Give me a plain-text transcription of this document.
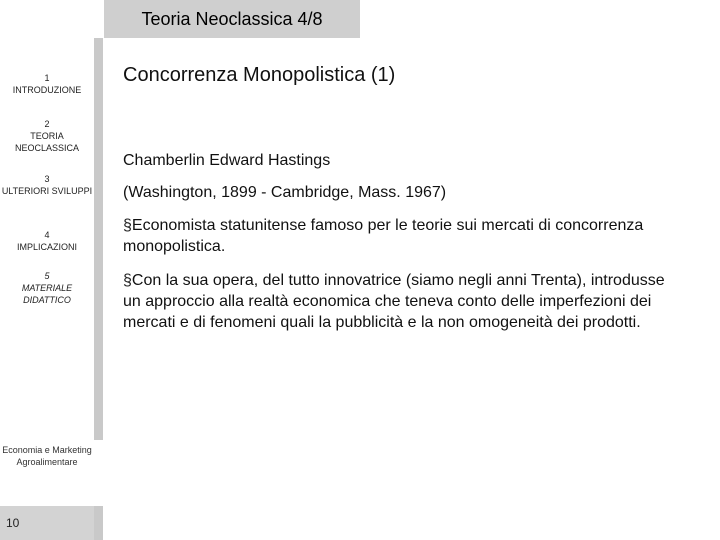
Teoria Neoclassica 4/8
1
INTRODUZIONE
2
TEORIA NEOCLASSICA
3
ULTERIORI SVILUPPI
4
IMPLICAZIONI
5
MATERIALE DIDATTICO
Economia e Marketing Agroalimentare
10
Concorrenza Monopolistica (1)
Chamberlin Edward Hastings
(Washington, 1899 - Cambridge, Mass. 1967)
§Economista statunitense famoso per le teorie sui mercati di concorrenza monopolistica.
§Con la sua opera, del tutto innovatrice (siamo negli anni Trenta), introdusse un approccio alla realtà economica che teneva conto delle imperfezioni dei mercati e di fenomeni quali la pubblicità e la non omogeneità dei prodotti.
